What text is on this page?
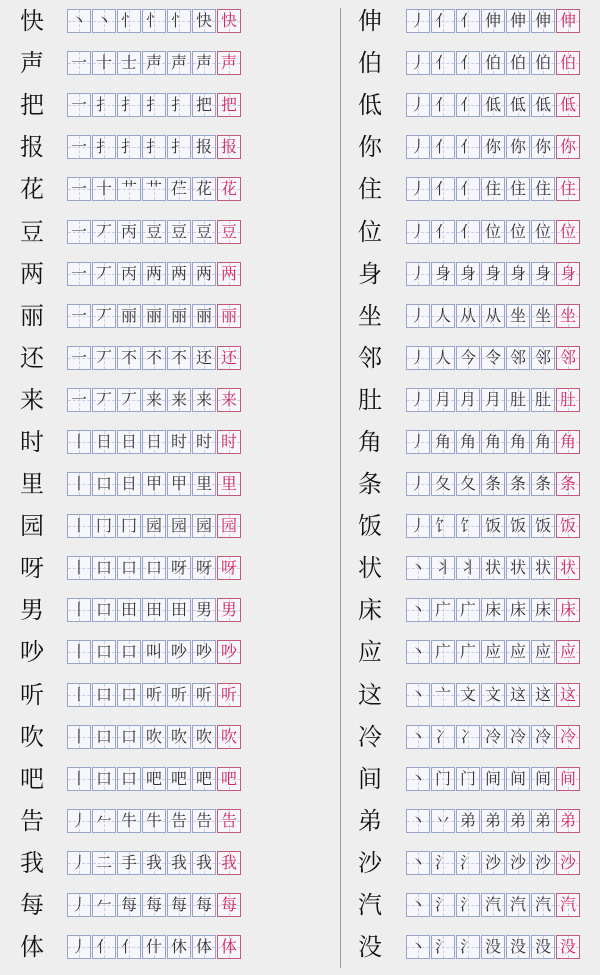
快 丶 丶 忄 忄 忄 快 快
声 一 十 士 声 声 声 声
把 一 扌 扌 扌 扌 把 把
报 一 扌 扌 扌 扌 报 报
花 一 十 艹 艹 芢 花 花
豆 一 丆 丙 豆 豆 豆 豆
两 一 丆 丙 两 两 两 两
丽 一 丆 丽 丽 丽 丽 丽
还 一 丆 不 不 不 还 还
来 一 丆 丆 来 来 来 来
时 丨 日 日 日 时 时 时
里 丨 口 日 甲 甲 里 里
园 丨 冂 冂 园 园 园 园
呀 丨 口 口 口 呀 呀 呀
男 丨 口 田 田 田 男 男
吵 丨 口 口 叫 吵 吵 吵
听 丨 口 口 听 听 听 听
吹 丨 口 口 吹 吹 吹 吹
吧 丨 口 口 吧 吧 吧 吧
告 丿 𠂉 牛 牛 告 告 告
我 丿 二 手 我 我 我 我
每 丿 𠂉 每 每 每 每 每
体 丿 亻 亻 什 休 体 体
伸 丿 亻 亻 伸 伸 伸 伸
伯 丿 亻 亻 伯 伯 伯 伯
低 丿 亻 亻 低 低 低 低
你 丿 亻 亻 你 你 你 你
住 丿 亻 亻 住 住 住 住
位 丿 亻 亻 位 位 位 位
身 丿 身 身 身 身 身 身
坐 丿 人 从 从 坐 坐 坐
邻 丿 人 今 令 邻 邻 邻
肚 丿 月 月 月 肚 肚 肚
角 丿 角 角 角 角 角 角
条 丿 夂 夂 条 条 条 条
饭 丿 饣 饣 饭 饭 饭 饭
状 丶 丬 丬 状 状 状 状
床 丶 广 广 床 床 床 床
应 丶 广 广 应 应 应 应
这 丶 亠 文 文 这 这 这
冷 丶 冫 冫 冷 冷 冷 冷
间 丶 门 门 间 间 间 间
弟 丶 丷 弟 弟 弟 弟 弟
沙 丶 氵 氵 沙 沙 沙 沙
汽 丶 氵 氵 汽 汽 汽 汽
没 丶 氵 氵 没 没 没 没
